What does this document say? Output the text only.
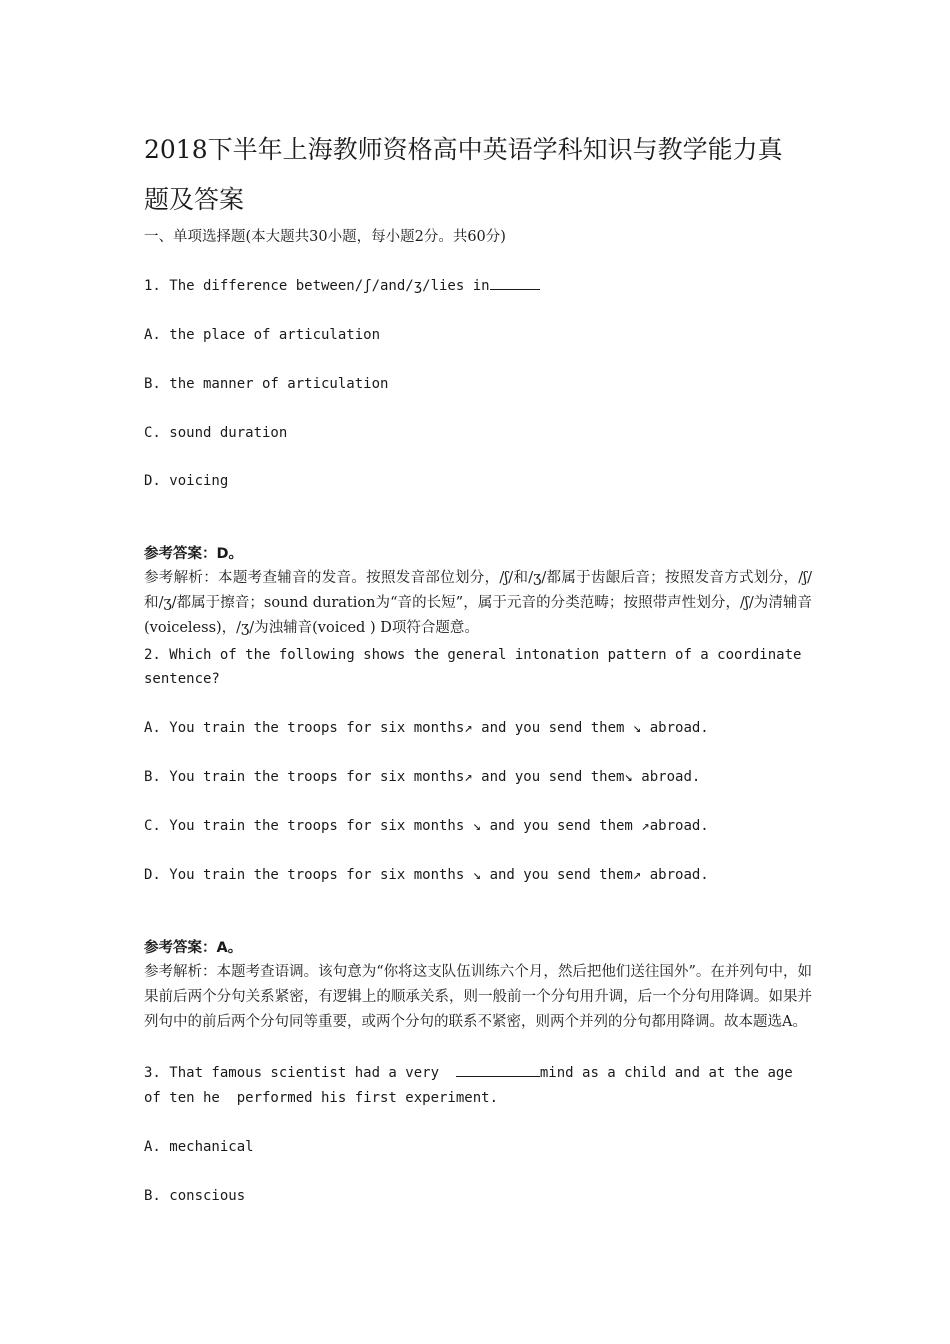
2018下半年上海教师资格高中英语学科知识与教学能力真
题及答案

一、单项选择题(本大题共30小题，每小题2分。共60分)

1. The difference between/ʃ/and/ʒ/lies in

A. the place of articulation

B. the manner of articulation

C. sound duration

D. voicing

参考答案：D。

参考解析：本题考查辅音的发音。按照发音部位划分，/ʃ/和/ʒ/都属于齿龈后音；按照发音方式划分，/ʃ/和/ʒ/都属于擦音；sound duration为“音的长短”，属于元音的分类范畴；按照带声性划分，/ʃ/为清辅音(voiceless)，/ʒ/为浊辅音(voiced ) D项符合题意。

2. Which of the following shows the general intonation pattern of a coordinate

sentence?

A. You train the troops for six months↗ and you send them ↘ abroad.

B. You train the troops for six months↗ and you send them↘ abroad.

C. You train the troops for six months ↘ and you send them ↗abroad.

D. You train the troops for six months ↘ and you send them↗ abroad.

参考答案：A。

参考解析：本题考查语调。该句意为“你将这支队伍训练六个月，然后把他们送往国外”。在并列句中，如果前后两个分句关系紧密，有逻辑上的顺承关系，则一般前一个分句用升调，后一个分句用降调。如果并列句中的前后两个分句同等重要，或两个分句的联系不紧密，则两个并列的分句都用降调。故本题选A。

3. That famous scientist had a very	mind as a child and at the age

of ten he  performed his first experiment.

A. mechanical

B. conscious
